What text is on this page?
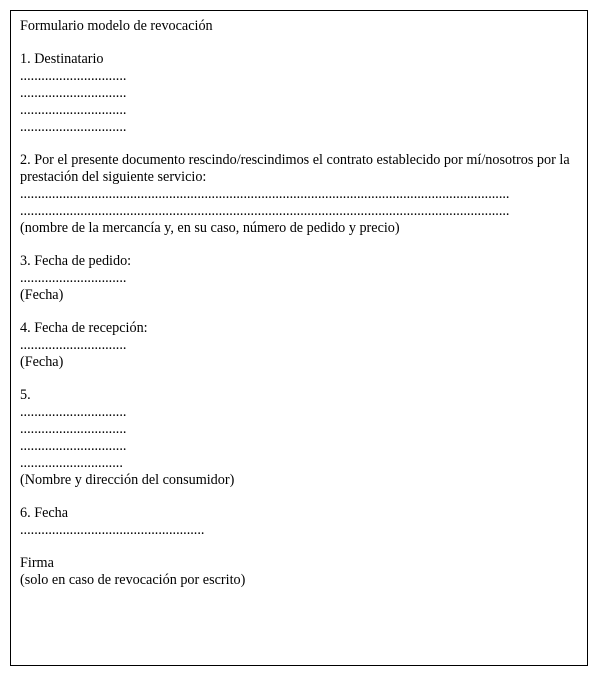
Formulario modelo de revocación
1. Destinatario
..............................
..............................
..............................
..............................
2. Por el presente documento rescindo/rescindimos el contrato establecido por mí/nosotros por la prestación del siguiente servicio:
..........................................................................................................................................
..........................................................................................................................................
(nombre de la mercancía y, en su caso, número de pedido y precio)
3. Fecha de pedido:
..............................
(Fecha)
4. Fecha de recepción:
..............................
(Fecha)
5.
..............................
..............................
..............................
.............................
(Nombre y dirección del consumidor)
6. Fecha
....................................................
Firma
(solo en caso de revocación por escrito)
